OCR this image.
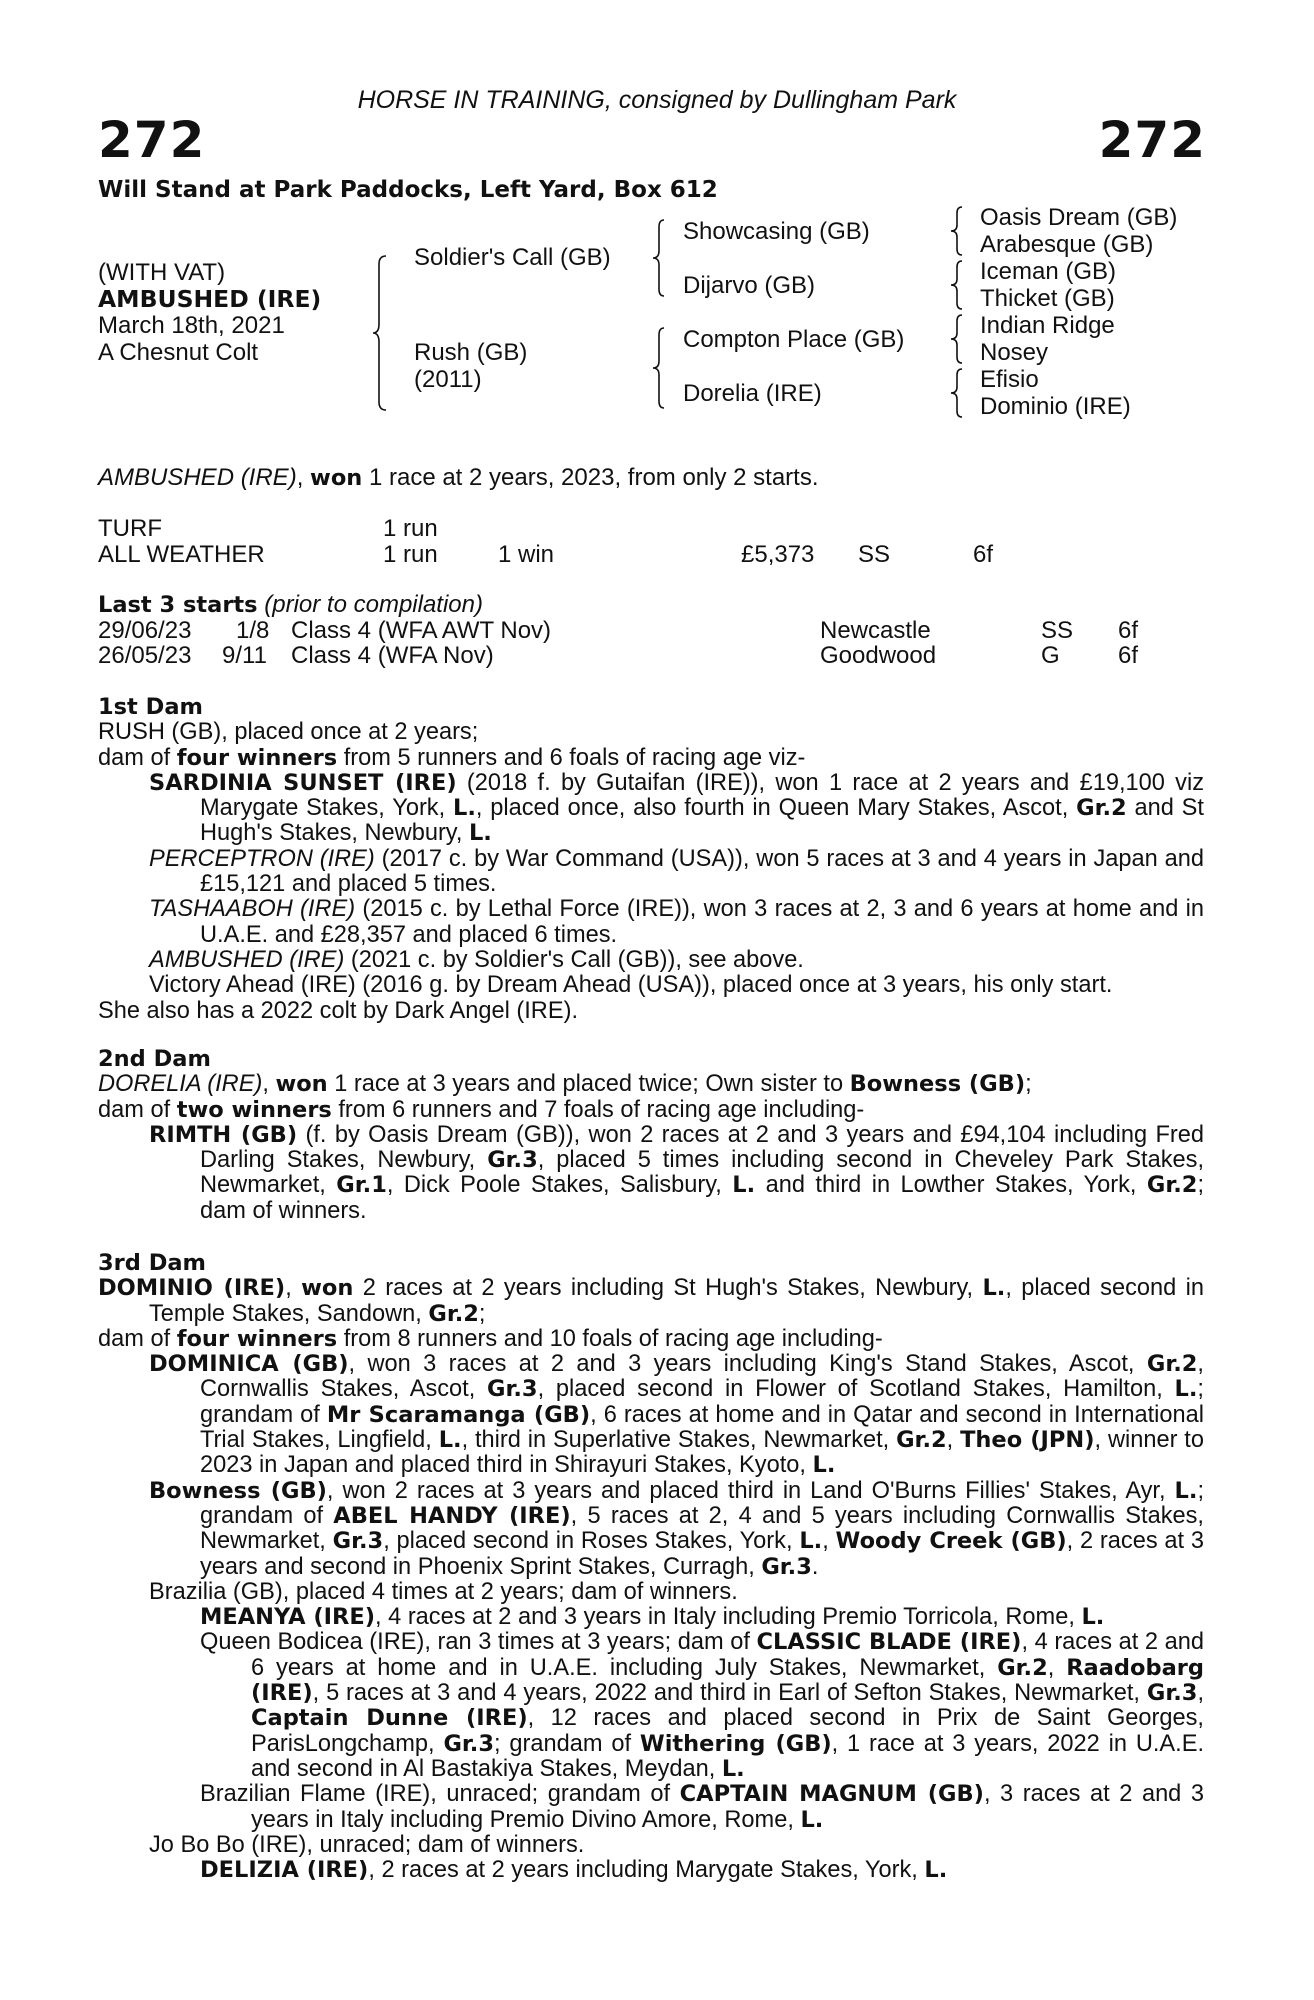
HORSE IN TRAINING, consigned by Dullingham Park
272	272
Will Stand at Park Paddocks, Left Yard, Box 612
(WITH VAT)
AMBUSHED (IRE)
March 18th, 2021
A Chesnut Colt
Soldier's Call (GB)
Rush (GB)
(2011)
Showcasing (GB)
Dijarvo (GB)
Compton Place (GB)
Dorelia (IRE)
Oasis Dream (GB)
Arabesque (GB)
Iceman (GB)
Thicket (GB)
Indian Ridge
Nosey
Efisio
Dominio (IRE)
AMBUSHED (IRE), won 1 race at 2 years, 2023, from only 2 starts.
TURF	1 run
ALL WEATHER	1 run	1 win	£5,373 SS	6f
Last 3 starts (prior to compilation)
29/06/23 1/8 Class 4 (WFA AWT Nov)	Newcastle	SS 6f
26/05/23 9/11 Class 4 (WFA Nov)	Goodwood	G 6f

1st Dam

RUSH (GB), placed once at 2 years;

dam of four winners from 5 runners and 6 foals of racing age viz-

SARDINIA SUNSET (IRE) (2018 f. by Gutaifan (IRE)), won 1 race at 2 years and £19,100 viz Marygate Stakes, York, L., placed once, also fourth in Queen Mary Stakes, Ascot, Gr.2 and St Hugh's Stakes, Newbury, L.

PERCEPTRON (IRE) (2017 c. by War Command (USA)), won 5 races at 3 and 4 years in Japan and £15,121 and placed 5 times.

TASHAABOH (IRE) (2015 c. by Lethal Force (IRE)), won 3 races at 2, 3 and 6 years at home and in U.A.E. and £28,357 and placed 6 times.

AMBUSHED (IRE) (2021 c. by Soldier's Call (GB)), see above.

Victory Ahead (IRE) (2016 g. by Dream Ahead (USA)), placed once at 3 years, his only start.

She also has a 2022 colt by Dark Angel (IRE).

2nd Dam

DORELIA (IRE), won 1 race at 3 years and placed twice; Own sister to Bowness (GB);

dam of two winners from 6 runners and 7 foals of racing age including-

RIMTH (GB) (f. by Oasis Dream (GB)), won 2 races at 2 and 3 years and £94,104 including Fred Darling Stakes, Newbury, Gr.3, placed 5 times including second in Cheveley Park Stakes, Newmarket, Gr.1, Dick Poole Stakes, Salisbury, L. and third in Lowther Stakes, York, Gr.2; dam of winners.

3rd Dam

DOMINIO (IRE), won 2 races at 2 years including St Hugh's Stakes, Newbury, L., placed second in Temple Stakes, Sandown, Gr.2;

dam of four winners from 8 runners and 10 foals of racing age including-

DOMINICA (GB), won 3 races at 2 and 3 years including King's Stand Stakes, Ascot, Gr.2, Cornwallis Stakes, Ascot, Gr.3, placed second in Flower of Scotland Stakes, Hamilton, L.; grandam of Mr Scaramanga (GB), 6 races at home and in Qatar and second in International Trial Stakes, Lingfield, L., third in Superlative Stakes, Newmarket, Gr.2, Theo (JPN), winner to 2023 in Japan and placed third in Shirayuri Stakes, Kyoto, L.

Bowness (GB), won 2 races at 3 years and placed third in Land O'Burns Fillies' Stakes, Ayr, L.; grandam of ABEL HANDY (IRE), 5 races at 2, 4 and 5 years including Cornwallis Stakes, Newmarket, Gr.3, placed second in Roses Stakes, York, L., Woody Creek (GB), 2 races at 3 years and second in Phoenix Sprint Stakes, Curragh, Gr.3.

Brazilia (GB), placed 4 times at 2 years; dam of winners.

MEANYA (IRE), 4 races at 2 and 3 years in Italy including Premio Torricola, Rome, L.

Queen Bodicea (IRE), ran 3 times at 3 years; dam of CLASSIC BLADE (IRE), 4 races at 2 and 6 years at home and in U.A.E. including July Stakes, Newmarket, Gr.2, Raadobarg (IRE), 5 races at 3 and 4 years, 2022 and third in Earl of Sefton Stakes, Newmarket, Gr.3, Captain Dunne (IRE), 12 races and placed second in Prix de Saint Georges, ParisLongchamp, Gr.3; grandam of Withering (GB), 1 race at 3 years, 2022 in U.A.E. and second in Al Bastakiya Stakes, Meydan, L.

Brazilian Flame (IRE), unraced; grandam of CAPTAIN MAGNUM (GB), 3 races at 2 and 3 years in Italy including Premio Divino Amore, Rome, L.

Jo Bo Bo (IRE), unraced; dam of winners.

DELIZIA (IRE), 2 races at 2 years including Marygate Stakes, York, L.
